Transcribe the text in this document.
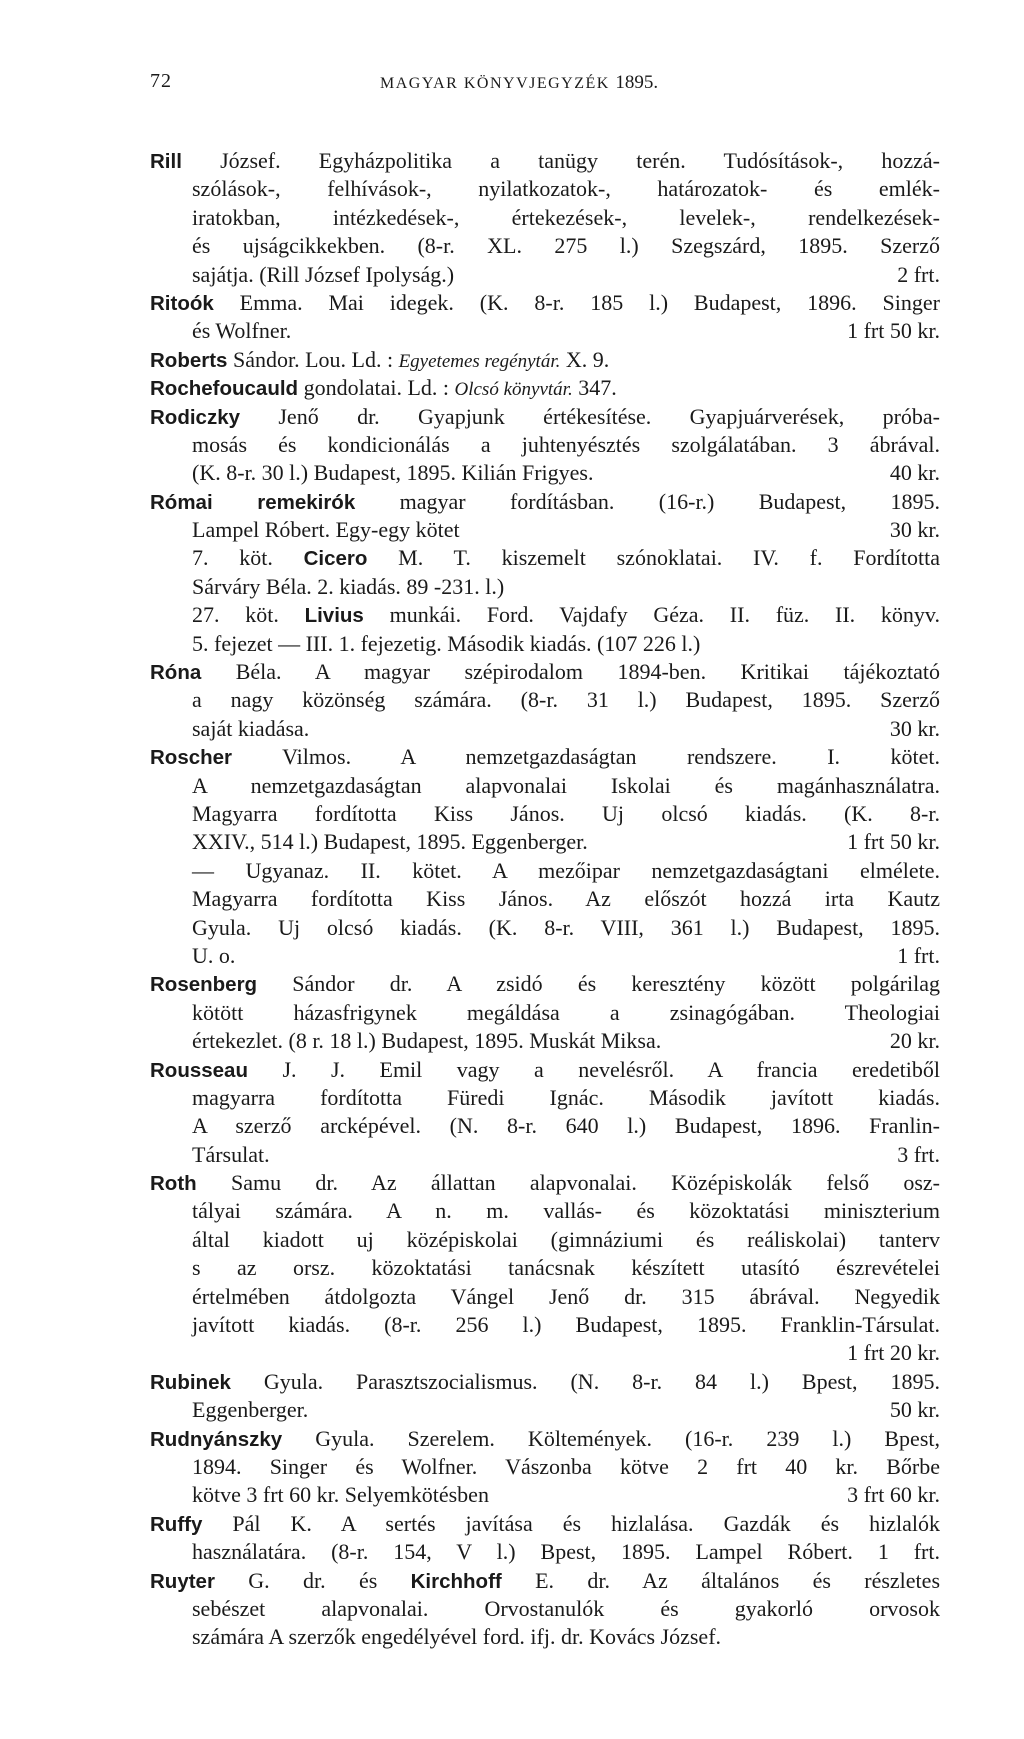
72	MAGYAR KÖNYVJEGYZÉK 1895.
Rill József. Egyházpolitika a tanügy terén. Tudósítások-, hozzá-
szólások-, felhívások-, nyilatkozatok-, határozatok- és emlék-
iratokban, intézkedések-, értekezések-, levelek-, rendelkezések-
és ujságcikkekben. (8-r. XL. 275 l.) Szegszárd, 1895. Szerző
sajátja. (Rill József Ipolyság.)	2 frt.
Ritoók Emma. Mai idegek. (K. 8-r. 185 l.) Budapest, 1896. Singer
és Wolfner.	1 frt 50 kr.
Roberts Sándor. Lou. Ld. : Egyetemes regénytár. X. 9.
Rochefoucauld gondolatai. Ld. : Olcsó könyvtár. 347.
Rodiczky Jenő dr. Gyapjunk értékesítése. Gyapjuárverések, próba-
mosás és kondicionálás a juhtenyésztés szolgálatában. 3 ábrával.
(K. 8-r. 30 l.) Budapest, 1895. Kilián Frigyes.	40 kr.
Római remekirók magyar fordításban. (16-r.) Budapest, 1895.
Lampel Róbert. Egy-egy kötet	30 kr.
7. köt. Cicero M. T. kiszemelt szónoklatai. IV. f. Fordította
Sárváry Béla. 2. kiadás. 89 -231. l.)
27. köt. Livius munkái. Ford. Vajdafy Géza. II. füz. II. könyv.
5. fejezet — III. 1. fejezetig. Második kiadás. (107 226 l.)
Róna Béla. A magyar szépirodalom 1894-ben. Kritikai tájékoztató
a nagy közönség számára. (8-r. 31 l.) Budapest, 1895. Szerző
saját kiadása.	30 kr.
Roscher Vilmos. A nemzetgazdaságtan rendszere. I. kötet.
A nemzetgazdaságtan alapvonalai Iskolai és magánhasználatra.
Magyarra fordította Kiss János. Uj olcsó kiadás. (K. 8-r.
XXIV., 514 l.) Budapest, 1895. Eggenberger.	1 frt 50 kr.
— Ugyanaz. II. kötet. A mezőipar nemzetgazdaságtani elmélete.
Magyarra fordította Kiss János. Az előszót hozzá irta Kautz
Gyula. Uj olcsó kiadás. (K. 8-r. VIII, 361 l.) Budapest, 1895.
U. o.	1 frt.
Rosenberg Sándor dr. A zsidó és keresztény között polgárilag
kötött házasfrigynek megáldása a zsinagógában. Theologiai
értekezlet. (8 r. 18 l.) Budapest, 1895. Muskát Miksa.	20 kr.
Rousseau J. J. Emil vagy a nevelésről. A francia eredetiből
magyarra fordította Füredi Ignác. Második javított kiadás.
A szerző arcképével. (N. 8-r. 640 l.) Budapest, 1896. Franlin-
Társulat.	3 frt.
Roth Samu dr. Az állattan alapvonalai. Középiskolák felső osz-
tályai számára. A n. m. vallás- és közoktatási miniszterium
által kiadott uj középiskolai (gimnáziumi és reáliskolai) tanterv
s az orsz. közoktatási tanácsnak készített utasító észrevételei
értelmében átdolgozta Vángel Jenő dr. 315 ábrával. Negyedik
javított kiadás. (8-r. 256 l.) Budapest, 1895. Franklin-Társulat.
1 frt 20 kr.
Rubinek Gyula. Parasztszocialismus. (N. 8-r. 84 l.) Bpest, 1895.
Eggenberger.	50 kr.
Rudnyánszky Gyula. Szerelem. Költemények. (16-r. 239 l.) Bpest,
1894. Singer és Wolfner. Vászonba kötve 2 frt 40 kr. Bőrbe
kötve 3 frt 60 kr. Selyemkötésben	3 frt 60 kr.
Ruffy Pál K. A sertés javítása és hizlalása. Gazdák és hizlalók
használatára. (8-r. 154, V l.) Bpest, 1895. Lampel Róbert. 1 frt.
Ruyter G. dr. és Kirchhoff E. dr. Az általános és részletes
sebészet alapvonalai. Orvostanulók és gyakorló orvosok
számára A szerzők engedélyével ford. ifj. dr. Kovács József.
